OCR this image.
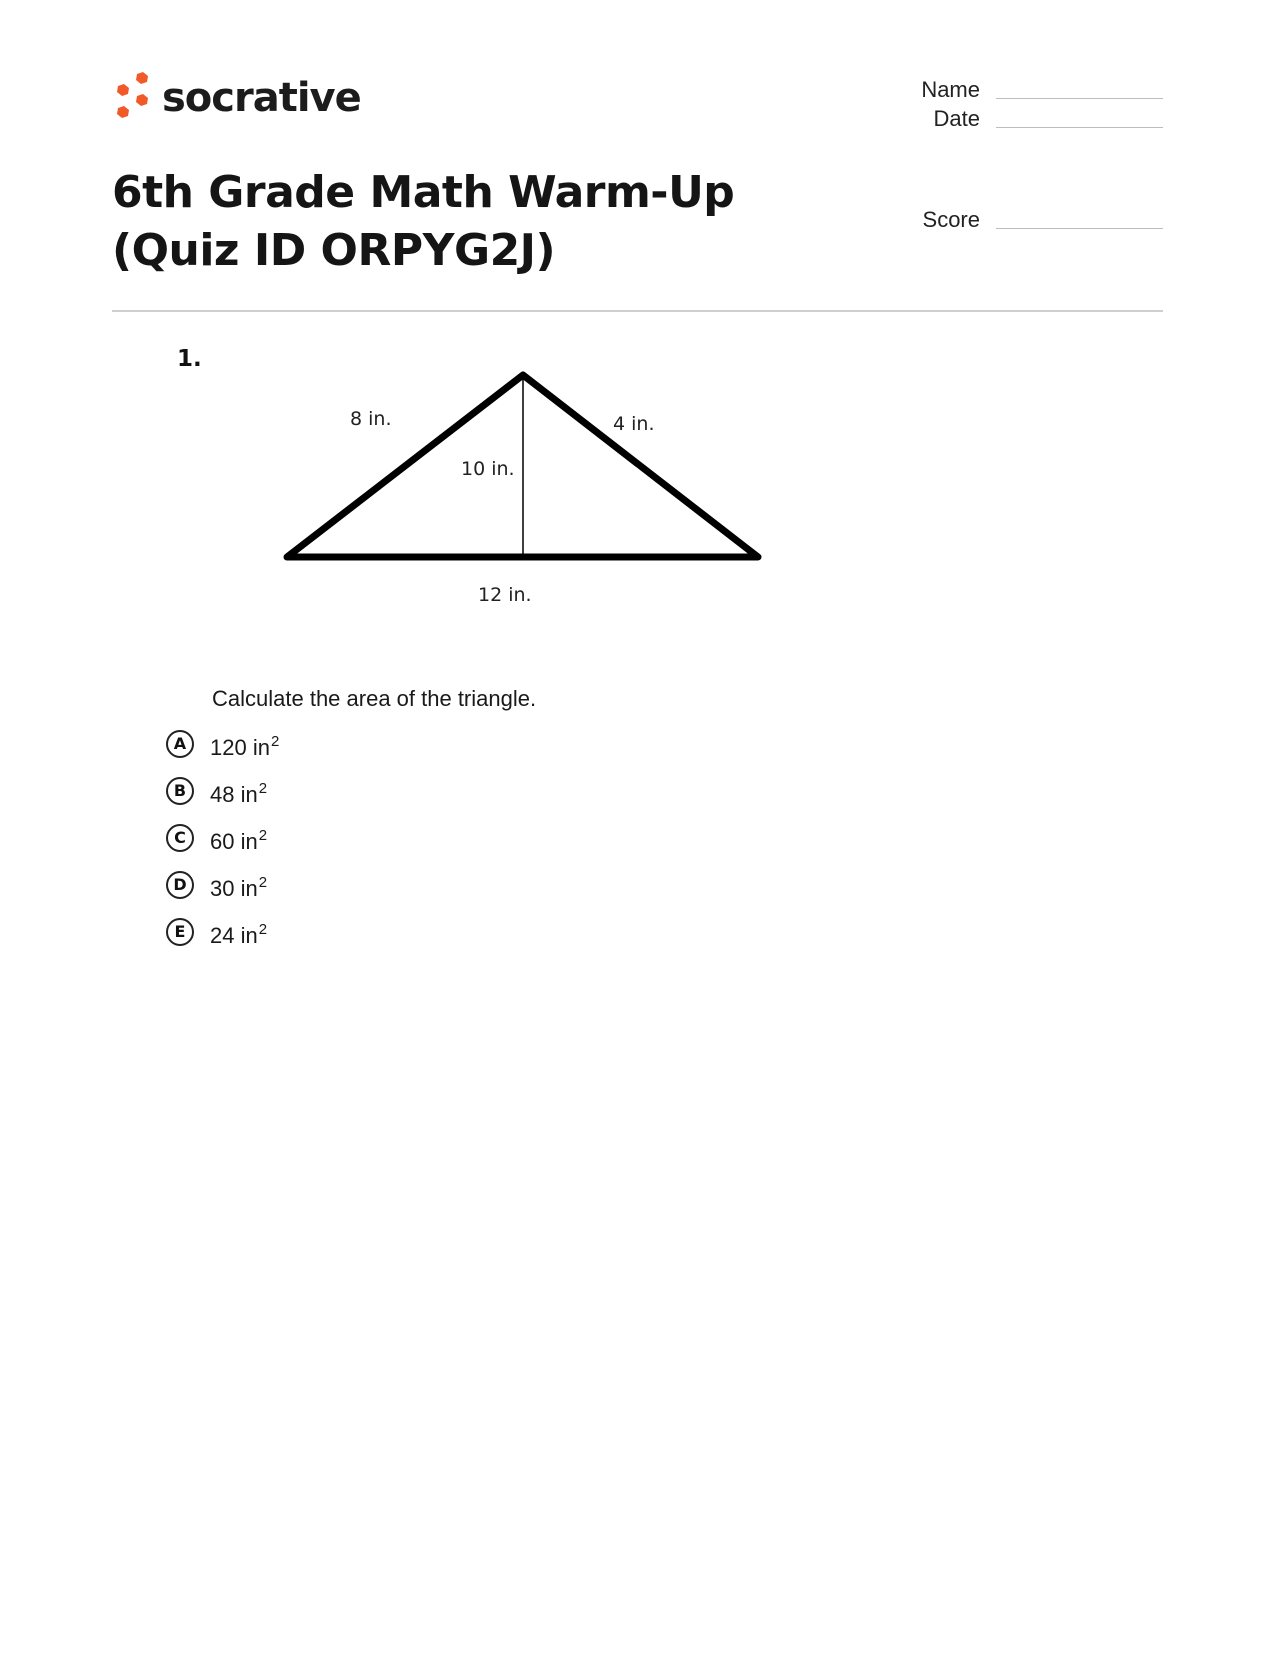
socrative	Name
Date
Score
6th Grade Math Warm-Up (Quiz ID ORPYG2J)
1.
8 in.	4 in.
10 in.
12 in.
Calculate the area of the triangle.
A	120 $in^2$
B	48 $in^2$
C	60 $in^2$
D	30 $in^2$
E	24 $in^2$
